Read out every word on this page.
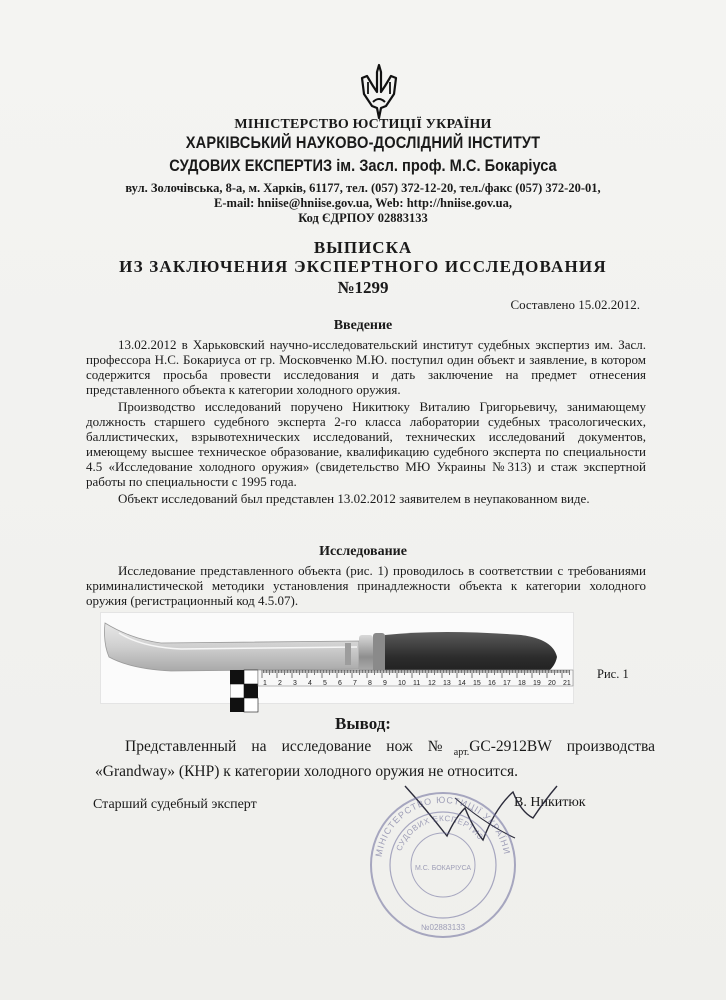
МІНІСТЕРСТВО ЮСТИЦІЇ УКРАЇНИ
ХАРКІВСЬКИЙ НАУКОВО-ДОСЛІДНИЙ ІНСТИТУТ
СУДОВИХ ЕКСПЕРТИЗ ім. Засл. проф. М.С. Бокаріуса
вул. Золочівська, 8-а, м. Харків, 61177, тел. (057) 372-12-20, тел./факс (057) 372-20-01,
E-mail: hniise@hniise.gov.ua, Web: http://hniise.gov.ua,
Код ЄДРПОУ 02883133
ВЫПИСКА
ИЗ ЗАКЛЮЧЕНИЯ ЭКСПЕРТНОГО ИССЛЕДОВАНИЯ
№1299
Составлено 15.02.2012.
Введение

13.02.2012 в Харьковский научно-исследовательский институт судебных экспертиз им. Засл. профессора Н.С. Бокариуса от гр. Московченко М.Ю. поступил один объект и заявление, в котором содержится просьба провести исследования и дать заключение на предмет отнесения представленного объекта к категории холодного оружия.

Производство исследований поручено Никитюку Виталию Григорьевичу, занимающему должность старшего судебного эксперта 2-го класса лаборатории судебных трасологических, баллистических, взрывотехнических исследований, технических исследований документов, имеющему высшее техническое образование, квалификацию судебного эксперта по специальности 4.5 «Исследование холодного оружия» (свидетельство МЮ Украины №313) и стаж экспертной работы по специальности с 1995 года.

Объект исследований был представлен 13.02.2012 заявителем в неупакованном виде.

Исследование

Исследование представленного объекта (рис. 1) проводилось в соответствии с требованиями криминалистической методики установления принадлежности объекта к категории холодного оружия (регистрационный код 4.5.07).

1 2 3 4 5 6 7 8 9 10 11 12 13 14 15 16 17 18 19 20 21
Рис. 1
Вывод:

Представленный на исследование нож $№_{арт.}GC-2912BW$ производства «Grandway» (КНР) к категории холодного оружия не относится.

Старший судебный эксперт	В. Никитюк
МІНІСТЕРСТВО ЮСТИЦІЇ УКРАЇНИ
СУДОВИХ ЕКСПЕРТИЗ
М.С. БОКАРІУСА
№02883133
